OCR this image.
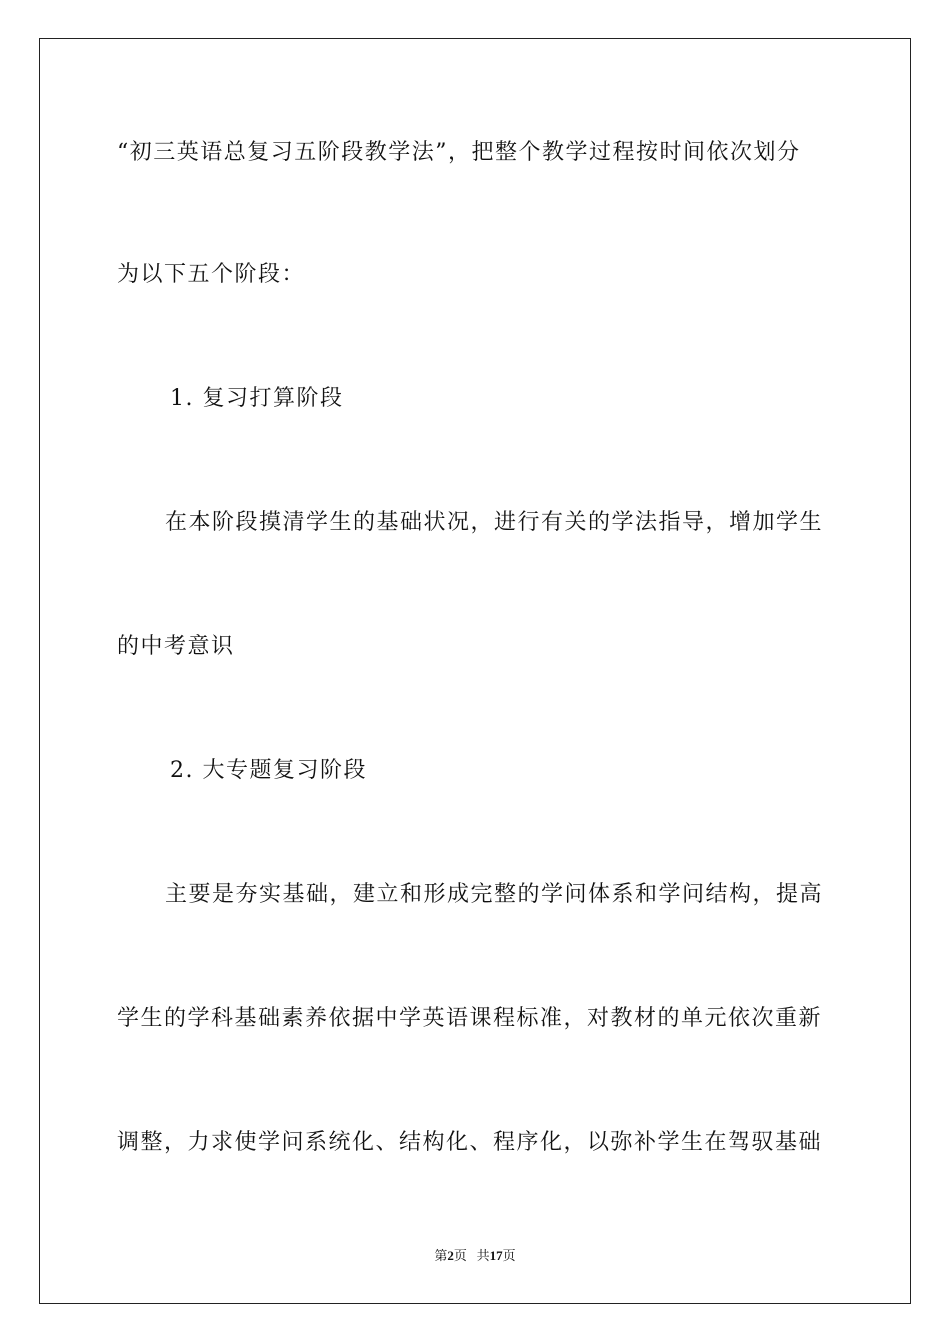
“初三英语总复习五阶段教学法”，把整个教学过程按时间依次划分
为以下五个阶段：
1. 复习打算阶段
在本阶段摸清学生的基础状况，进行有关的学法指导，增加学生
的中考意识
2. 大专题复习阶段
主要是夯实基础，建立和形成完整的学问体系和学问结构，提高
学生的学科基础素养依据中学英语课程标准，对教材的单元依次重新
调整，力求使学问系统化、结构化、程序化，以弥补学生在驾驭基础
第2页 共17页
